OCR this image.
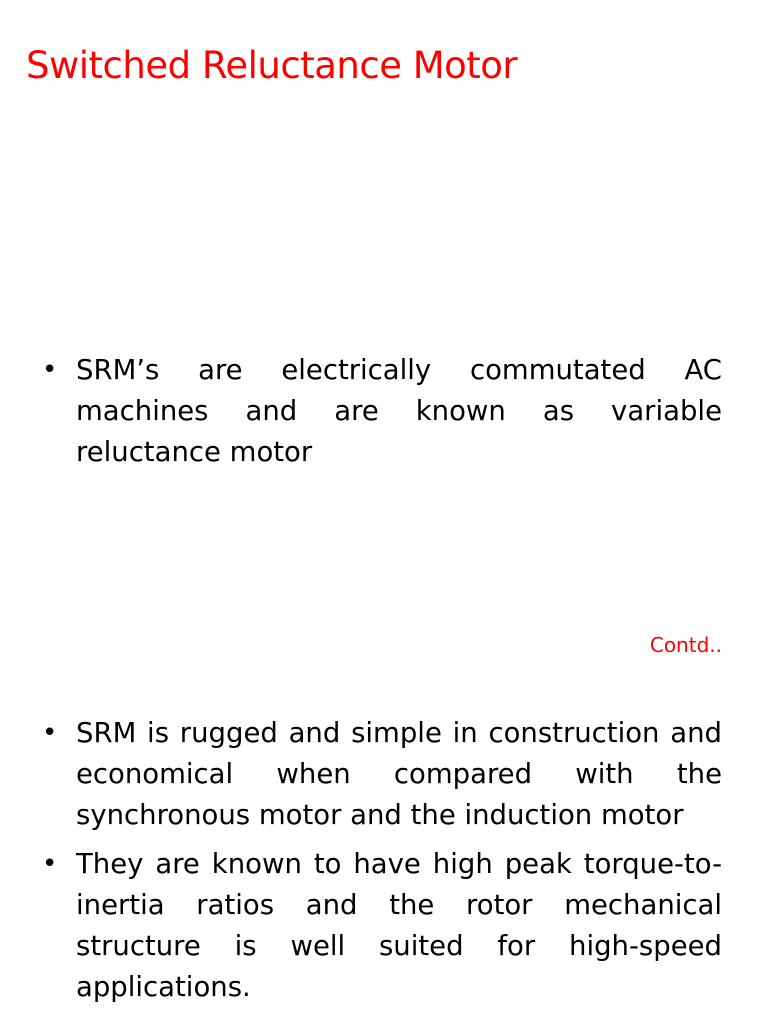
Switched Reluctance Motor
• SRM’s are electrically commutated AC machines and are known as variable reluctance motor

Contd..

• SRM is rugged and simple in construction and economical when compared with the synchronous motor and the induction motor
• They are known to have high peak torque-to-inertia ratios and the rotor mechanical structure is well suited for high-speed applications.
